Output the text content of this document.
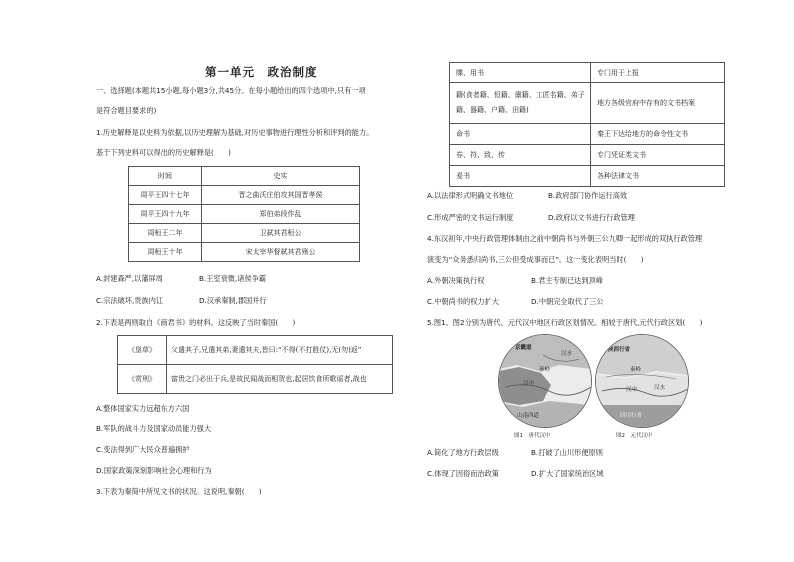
第一单元　政治制度
一、选择题(本题共15小题,每小题3分,共45分。在每小题给出的四个选项中,只有一项
是符合题目要求的)
1.历史解释是以史料为依据,以历史理解为基础,对历史事物进行理性分析和评判的能力。
基于下列史料可以得出的历史解释是(　　)
时间	史实
周平王四十七年	晋之曲沃庄伯攻其国晋孝侯
周平王四十九年	郑伯弟段作乱
周桓王二年	卫弑其君桓公
周桓王十年	宋太宰华督弑其君殇公
A.封建森严,以藩屏周	B.王室衰微,诸侯争霸
C.宗法破坏,贵族内讧	D.汉承秦制,郡国并行
2.下表是两则取自《商君书》的材料。这反映了当时秦国(　　)
《垦草》	父遣其子,兄遣其弟,妻遣其夫,皆曰:“不得(不打胜仗),无(勿)返”
《赏刑》	富贵之门必出于兵,是故民闻战而相贺也,起居饮食所歌谣者,战也
A.整体国家实力远超东方六国
B.军队的战斗力及国家动员能力强大
C.变法得到广大民众普遍拥护
D.国家政策深刻影响社会心理和行为
3.下表为秦简中所见文书的状况。这说明,秦朝(　　)
牒、用书	专门用于上报
籍(食者籍、恒籍、廪籍、工匠名籍、弟子籍、器籍、户籍、田籍)	地方各级官府中存有的文书档案
命书	秦王下达给地方的命令性文书
券、符、致、传	专门凭证类文书
爰书	各种法律文书
A.以法律形式明确文书地位	B.政府部门协作运行高效
C.形成严密的文书运行制度	D.政府以文书进行行政管理
4.东汉初年,中央行政管理体制由之前中朝尚书与外朝三公九卿一起形成的双执行政管理
演变为“众务悉归尚书,三公但受成事而已”。这一变化表明当时(　　)
A.外朝决策执行权	B.君主专制已达到顶峰
C.中朝尚书的权力扩大	D.中朝完全取代了三公
5.图1、图2分别为唐代、元代汉中地区行政区划情况。相较于唐代,元代行政区划(　　)
京畿道
汉水
秦岭
汉中
山南西道
图1　唐代汉中
陕西行省
秦岭
汉水
汉中
四川行省
图2　元代汉中
A.简化了地方行政层级	B.打破了山川形便原则
C.体现了因俗而治政策	D.扩大了国家统治区域
